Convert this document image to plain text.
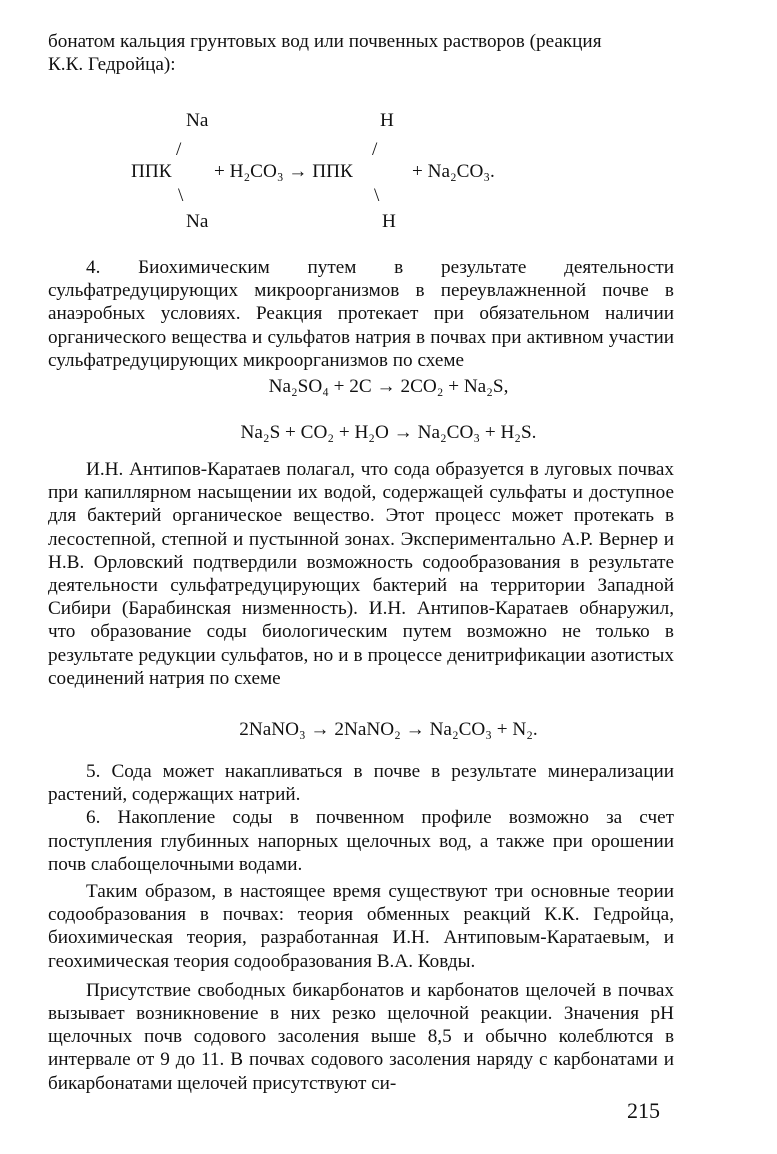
бонатом кальция грунтовых вод или почвенных растворов (реакция
К.К. Гедройца):
Na	H
/	/
ППК + H₂CO₃ → ППК	+ Na₂CO₃.
\	\
Na	H

4. Биохимическим путем в результате деятельности сульфатредуцирующих микроорганизмов в переувлажненной почве в анаэробных условиях. Реакция протекает при обязательном наличии органического вещества и сульфатов натрия в почвах при активном участии сульфатредуцирующих микроорганизмов по схеме

Na₂SO₄ + 2С → 2CO₂ + Na₂S,
Na₂S + CO₂ + H₂O → Na₂CO₃ + H₂S.

И.Н. Антипов-Каратаев полагал, что сода образуется в луговых почвах при капиллярном насыщении их водой, содержащей сульфаты и доступное для бактерий органическое вещество. Этот процесс может протекать в лесостепной, степной и пустынной зонах. Экспериментально А.Р. Вернер и Н.В. Орловский подтвердили возможность содообразования в результате деятельности сульфатредуцирующих бактерий на территории Западной Сибири (Барабинская низменность). И.Н. Антипов-Каратаев обнаружил, что образование соды биологическим путем возможно не только в результате редукции сульфатов, но и в процессе денитрификации азотистых соединений натрия по схеме

2NaNO₃ → 2NaNO₂ → Na₂CO₃ + N₂.

5. Сода может накапливаться в почве в результате минерализации растений, содержащих натрий.

6. Накопление соды в почвенном профиле возможно за счет поступления глубинных напорных щелочных вод, а также при орошении почв слабощелочными водами.

Таким образом, в настоящее время существуют три основные теории содообразования в почвах: теория обменных реакций К.К. Гедройца, биохимическая теория, разработанная И.Н. Антиповым-Каратаевым, и геохимическая теория содообразования В.А. Ковды.

Присутствие свободных бикарбонатов и карбонатов щелочей в почвах вызывает возникновение в них резко щелочной реакции. Значения рН щелочных почв содового засоления выше 8,5 и обычно колеблются в интервале от 9 до 11. В почвах содового засоления наряду с карбонатами и бикарбонатами щелочей присутствуют си-

215
